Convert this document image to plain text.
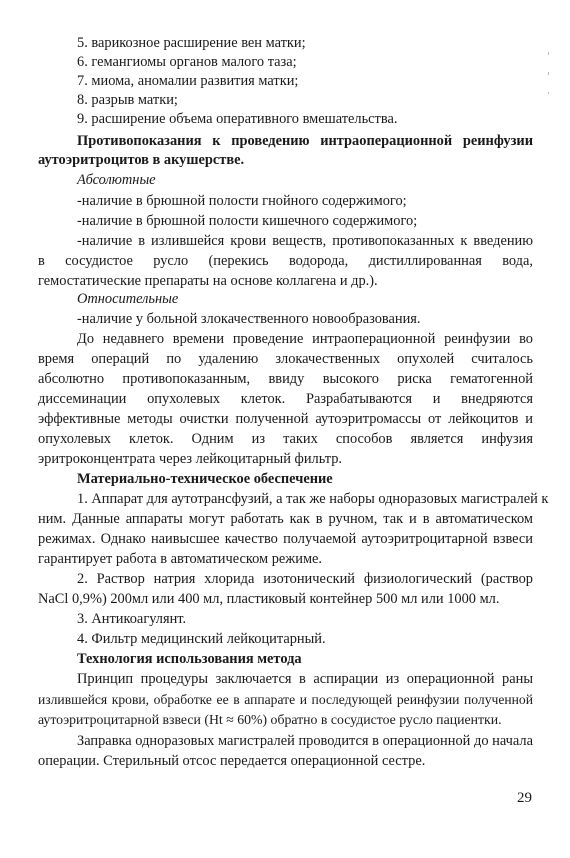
5. варикозное расширение вен матки;
6. гемангиомы органов малого таза;
7. миома, аномалии развития матки;
8. разрыв матки;
9. расширение объема оперативного вмешательства.
Противопоказания к проведению интраоперационной реинфузии
аутоэритроцитов в акушерстве.
Абсолютные
-наличие в брюшной полости гнойного содержимого;
-наличие в брюшной полости кишечного содержимого;
-наличие в излившейся крови веществ, противопоказанных к введению
в сосудистое русло (перекись водорода, дистиллированная вода,
гемостатические препараты на основе коллагена и др.).
Относительные
-наличие у больной злокачественного новообразования.
До недавнего времени проведение интраоперационной реинфузии во
время операций по удалению злокачественных опухолей считалось
абсолютно противопоказанным, ввиду высокого риска гематогенной
диссеминации опухолевых клеток. Разрабатываются и внедряются
эффективные методы очистки полученной аутоэритромассы от лейкоцитов и
опухолевых клеток. Одним из таких способов является инфузия
эритроконцентрата через лейкоцитарный фильтр.
Материально-техническое обеспечение
1. Аппарат для аутотрансфузий, а так же наборы одноразовых магистралей к
ним. Данные аппараты могут работать как в ручном, так и в автоматическом
режимах. Однако наивысшее качество получаемой аутоэритроцитарной взвеси
гарантирует работа в автоматическом режиме.
2. Раствор натрия хлорида изотонический физиологический (раствор
NaCl 0,9%) 200мл или 400 мл, пластиковый контейнер 500 мл или 1000 мл.
3. Антикоагулянт.
4. Фильтр медицинский лейкоцитарный.
Технология использования метода
Принцип процедуры заключается в аспирации из операционной раны
излившейся крови, обработке ее в аппарате и последующей реинфузии полученной
аутоэритроцитарной взвеси (Ht ≈ 60%) обратно в сосудистое русло пациентки.
Заправка одноразовых магистралей проводится в операционной до начала
операции. Стерильный отсос передается операционной сестре.
29
